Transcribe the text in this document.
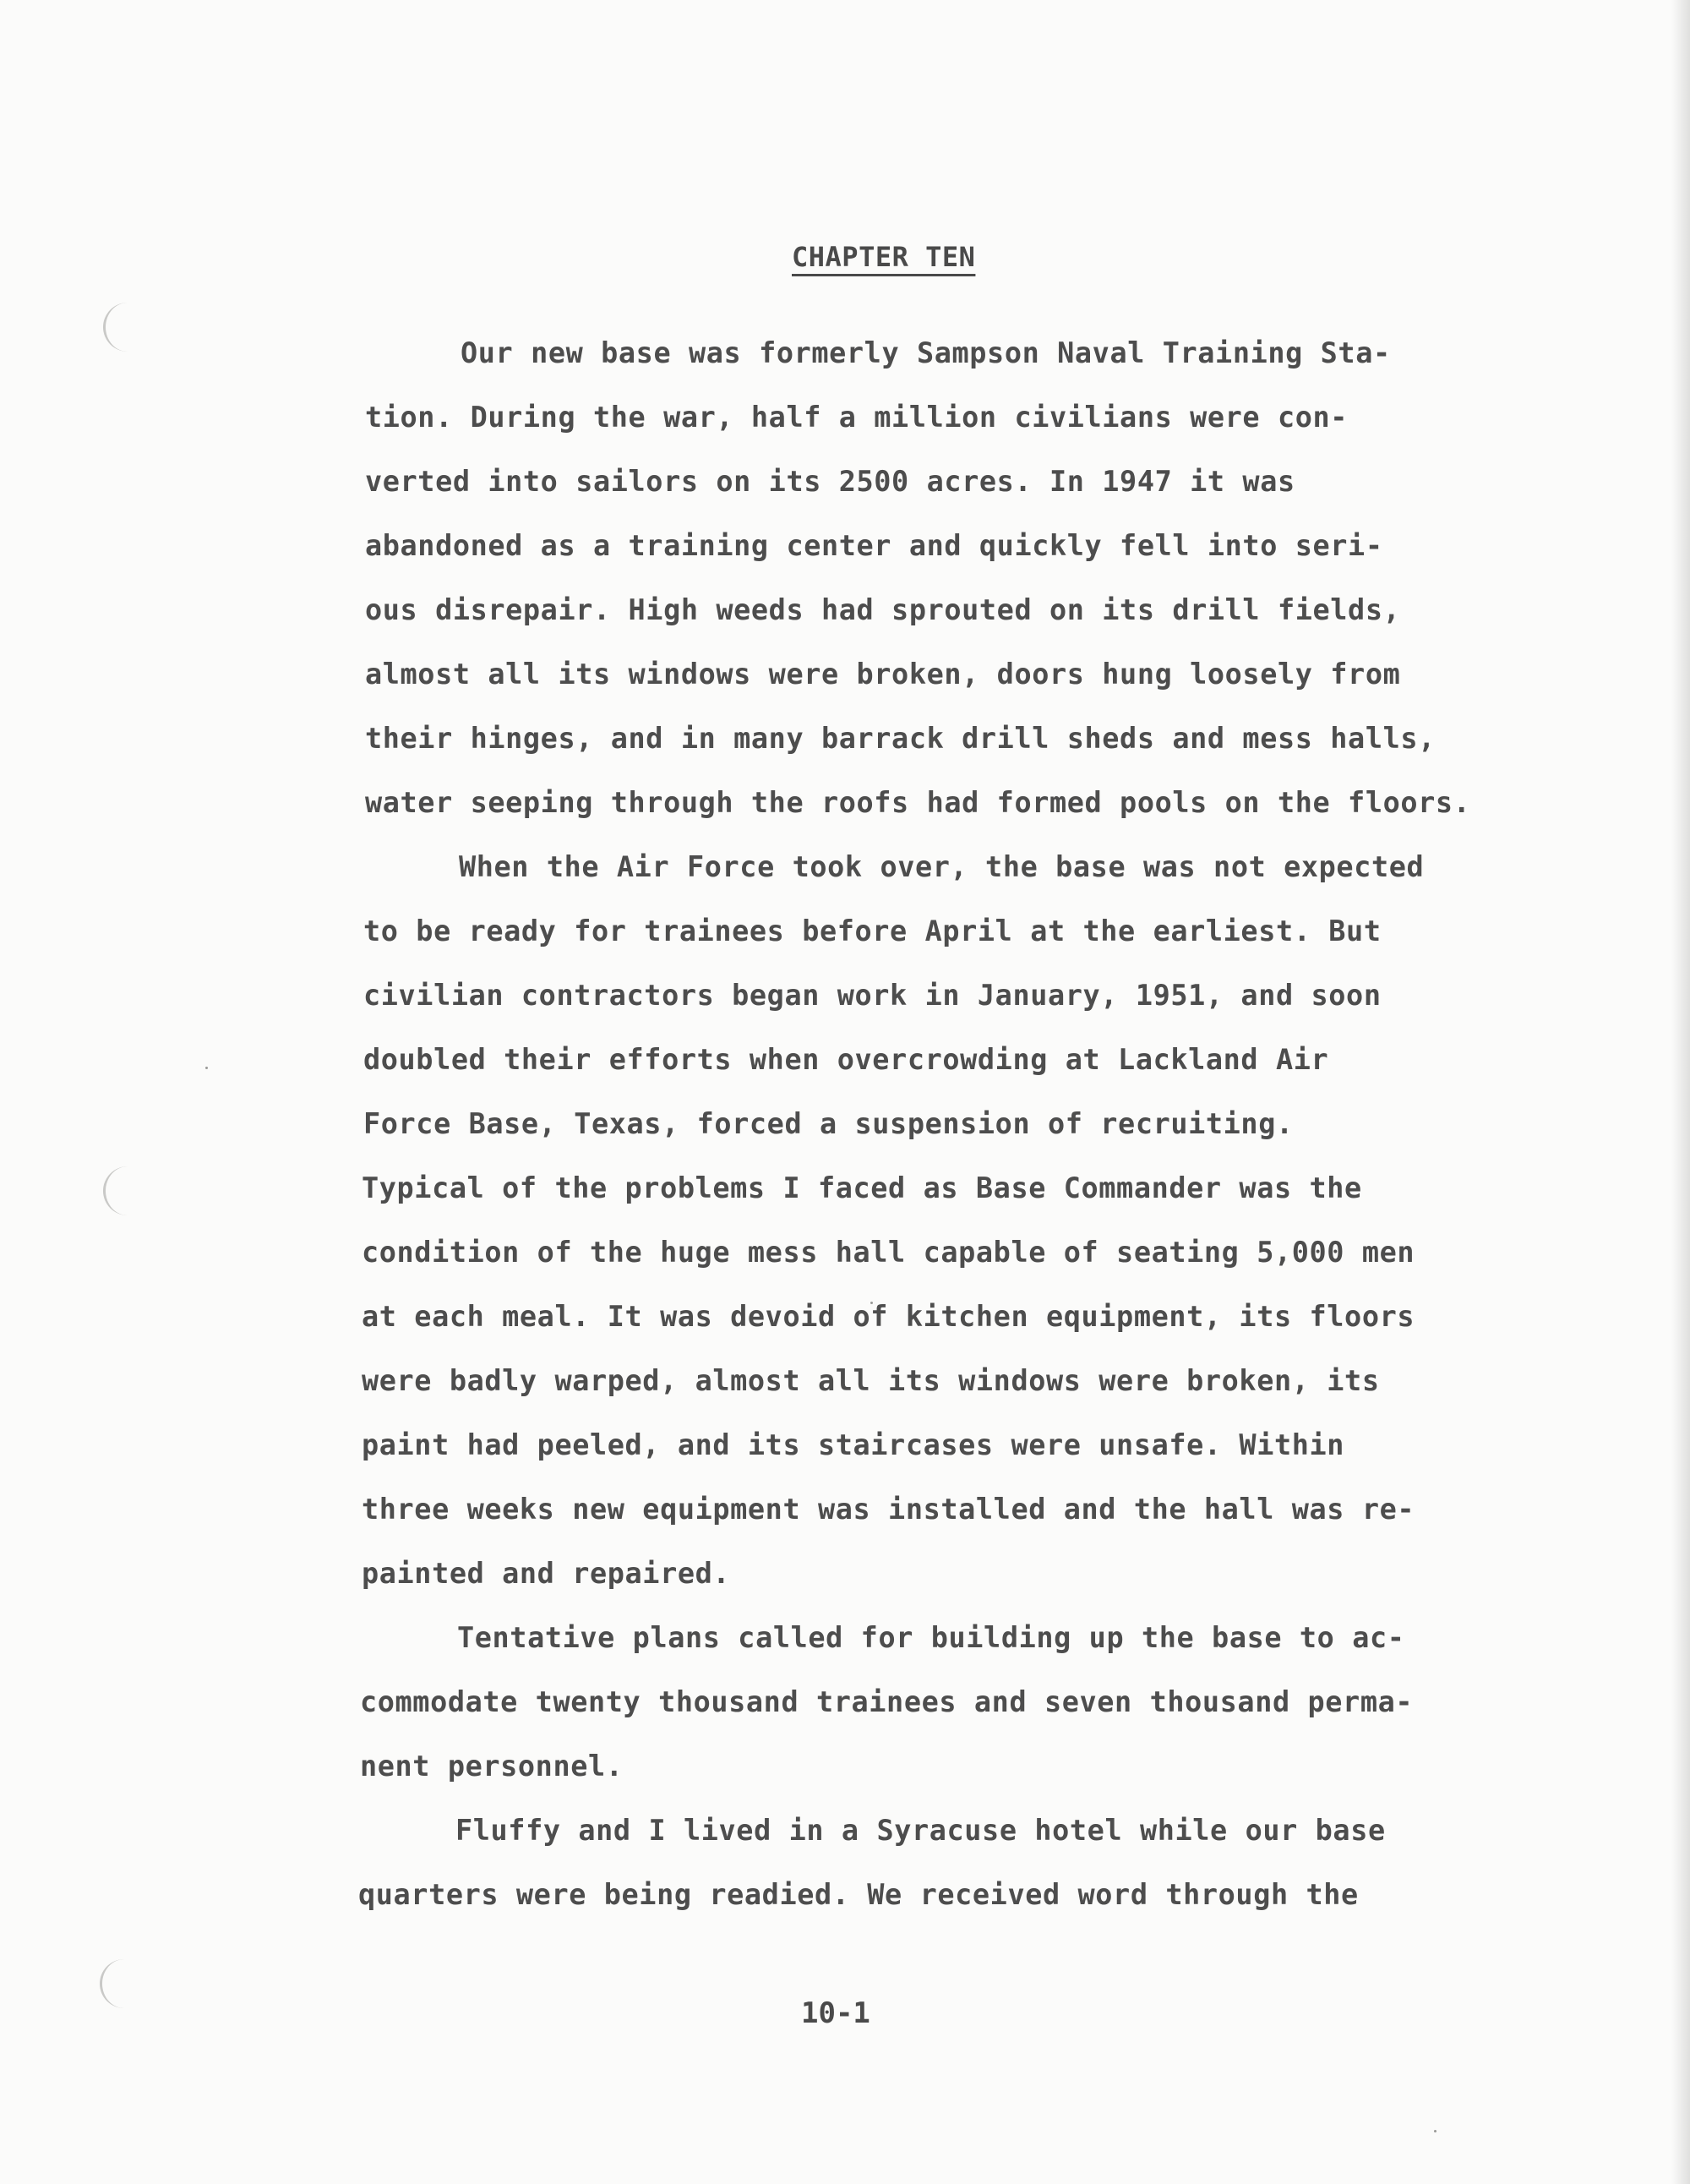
CHAPTER TEN
Our new base was formerly Sampson Naval Training Sta-
tion. During the war, half a million civilians were con-
verted into sailors on its 2500 acres. In 1947 it was
abandoned as a training center and quickly fell into seri-
ous disrepair. High weeds had sprouted on its drill fields,
almost all its windows were broken, doors hung loosely from
their hinges, and in many barrack drill sheds and mess halls,
water seeping through the roofs had formed pools on the floors.
When the Air Force took over, the base was not expected
to be ready for trainees before April at the earliest. But
civilian contractors began work in January, 1951, and soon
doubled their efforts when overcrowding at Lackland Air
Force Base, Texas, forced a suspension of recruiting.
Typical of the problems I faced as Base Commander was the
condition of the huge mess hall capable of seating 5,000 men
at each meal. It was devoid of kitchen equipment, its floors
were badly warped, almost all its windows were broken, its
paint had peeled, and its staircases were unsafe. Within
three weeks new equipment was installed and the hall was re-
painted and repaired.
Tentative plans called for building up the base to ac-
commodate twenty thousand trainees and seven thousand perma-
nent personnel.
Fluffy and I lived in a Syracuse hotel while our base
quarters were being readied. We received word through the
10-1
